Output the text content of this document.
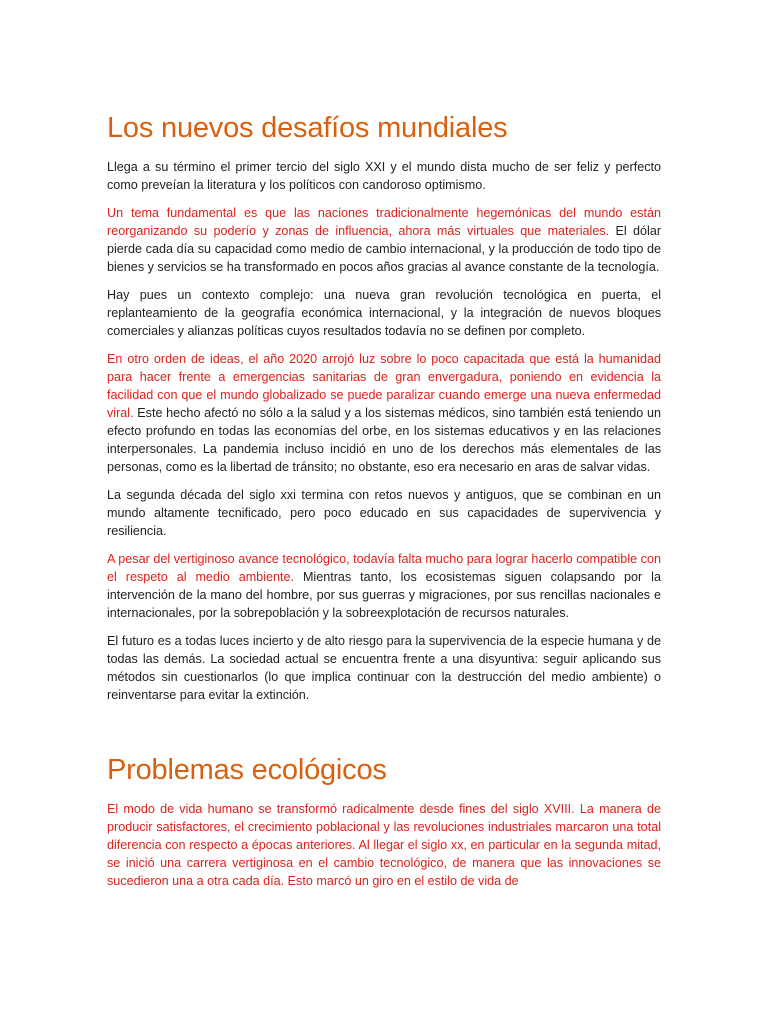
Los nuevos desafíos mundiales

Llega a su término el primer tercio del siglo XXI y el mundo dista mucho de ser feliz y perfecto como preveían la literatura y los políticos con candoroso optimismo.

Un tema fundamental es que las naciones tradicionalmente hegemónicas del mundo están reorganizando su poderío y zonas de influencia, ahora más virtuales que materiales. El dólar pierde cada día su capacidad como medio de cambio internacional, y la producción de todo tipo de bienes y servicios se ha transformado en pocos años gracias al avance constante de la tecnología.

Hay pues un contexto complejo: una nueva gran revolución tecnológica en puerta, el replanteamiento de la geografía económica internacional, y la integración de nuevos bloques comerciales y alianzas políticas cuyos resultados todavía no se definen por completo.

En otro orden de ideas, el año 2020 arrojó luz sobre lo poco capacitada que está la humanidad para hacer frente a emergencias sanitarias de gran envergadura, poniendo en evidencia la facilidad con que el mundo globalizado se puede paralizar cuando emerge una nueva enfermedad viral. Este hecho afectó no sólo a la salud y a los sistemas médicos, sino también está teniendo un efecto profundo en todas las economías del orbe, en los sistemas educativos y en las relaciones interpersonales. La pandemia incluso incidió en uno de los derechos más elementales de las personas, como es la libertad de tránsito; no obstante, eso era necesario en aras de salvar vidas.

La segunda década del siglo xxi termina con retos nuevos y antiguos, que se combinan en un mundo altamente tecnificado, pero poco educado en sus capacidades de supervivencia y resiliencia.

A pesar del vertiginoso avance tecnológico, todavía falta mucho para lograr hacerlo compatible con el respeto al medio ambiente. Mientras tanto, los ecosistemas siguen colapsando por la intervención de la mano del hombre, por sus guerras y migraciones, por sus rencillas nacionales e internacionales, por la sobrepoblación y la sobreexplotación de recursos naturales.

El futuro es a todas luces incierto y de alto riesgo para la supervivencia de la especie humana y de todas las demás. La sociedad actual se encuentra frente a una disyuntiva: seguir aplicando sus métodos sin cuestionarlos (lo que implica continuar con la destrucción del medio ambiente) o reinventarse para evitar la extinción.

Problemas ecológicos

El modo de vida humano se transformó radicalmente desde fines del siglo XVIII. La manera de producir satisfactores, el crecimiento poblacional y las revoluciones industriales marcaron una total diferencia con respecto a épocas anteriores. Al llegar el siglo xx, en particular en la segunda mitad, se inició una carrera vertiginosa en el cambio tecnológico, de manera que las innovaciones se sucedieron una a otra cada día. Esto marcó un giro en el estilo de vida de
